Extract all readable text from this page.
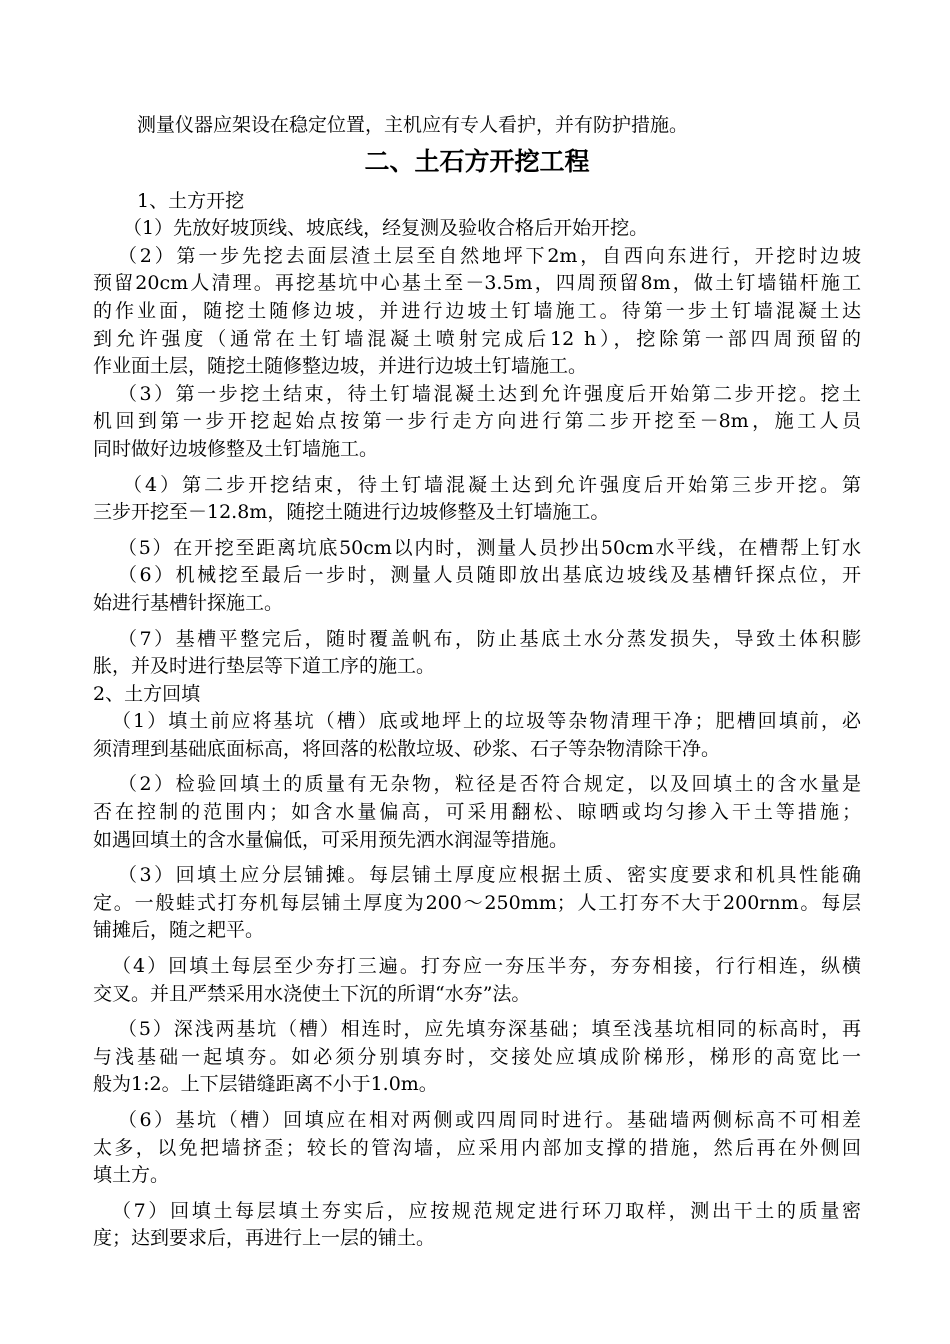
测量仪器应架设在稳定位置，主机应有专人看护，并有防护措施。
二、土石方开挖工程
1、土方开挖
（1）先放好坡顶线、坡底线，经复测及验收合格后开始开挖。
（2）第一步先挖去面层渣土层至自然地坪下2m，自西向东进行，开挖时边坡
预留20cm人清理。再挖基坑中心基土至－3.5m，四周预留8m，做土钉墙锚杆施工
的作业面，随挖土随修边坡，并进行边坡土钉墙施工。待第一步土钉墙混凝土达
到允许强度（通常在土钉墙混凝土喷射完成后12 h），挖除第一部四周预留的
作业面土层，随挖土随修整边坡，并进行边坡土钉墙施工。
（3）第一步挖土结束，待土钉墙混凝土达到允许强度后开始第二步开挖。挖土
机回到第一步开挖起始点按第一步行走方向进行第二步开挖至－8m，施工人员
同时做好边坡修整及土钉墙施工。
（4）第二步开挖结束，待土钉墙混凝土达到允许强度后开始第三步开挖。第
三步开挖至－12.8m，随挖土随进行边坡修整及土钉墙施工。
（5）在开挖至距离坑底50cm以内时，测量人员抄出50cm水平线，在槽帮上钉水
（6）机械挖至最后一步时，测量人员随即放出基底边坡线及基槽钎探点位，开
始进行基槽针探施工。
（7）基槽平整完后，随时覆盖帆布，防止基底土水分蒸发损失，导致土体积膨
胀，并及时进行垫层等下道工序的施工。
2、土方回填
（1）填土前应将基坑（槽）底或地坪上的垃圾等杂物清理干净；肥槽回填前，必
须清理到基础底面标高，将回落的松散垃圾、砂浆、石子等杂物清除干净。
（2）检验回填土的质量有无杂物，粒径是否符合规定，以及回填土的含水量是
否在控制的范围内；如含水量偏高，可采用翻松、晾晒或均匀掺入干土等措施；
如遇回填土的含水量偏低，可采用预先洒水润湿等措施。
（3）回填土应分层铺摊。每层铺土厚度应根据土质、密实度要求和机具性能确
定。一般蛙式打夯机每层铺土厚度为200～250mm；人工打夯不大于200rnm。每层
铺摊后，随之耙平。
（4）回填土每层至少夯打三遍。打夯应一夯压半夯，夯夯相接，行行相连，纵横
交叉。并且严禁采用水浇使土下沉的所谓“水夯”法。
（5）深浅两基坑（槽）相连时，应先填夯深基础；填至浅基坑相同的标高时，再
与浅基础一起填夯。如必须分别填夯时，交接处应填成阶梯形，梯形的高宽比一
般为1:2。上下层错缝距离不小于1.0m。
（6）基坑（槽）回填应在相对两侧或四周同时进行。基础墙两侧标高不可相差
太多，以免把墙挤歪；较长的管沟墙，应采用内部加支撑的措施，然后再在外侧回
填土方。
（7）回填土每层填土夯实后，应按规范规定进行环刀取样，测出干土的质量密
度；达到要求后，再进行上一层的铺土。
